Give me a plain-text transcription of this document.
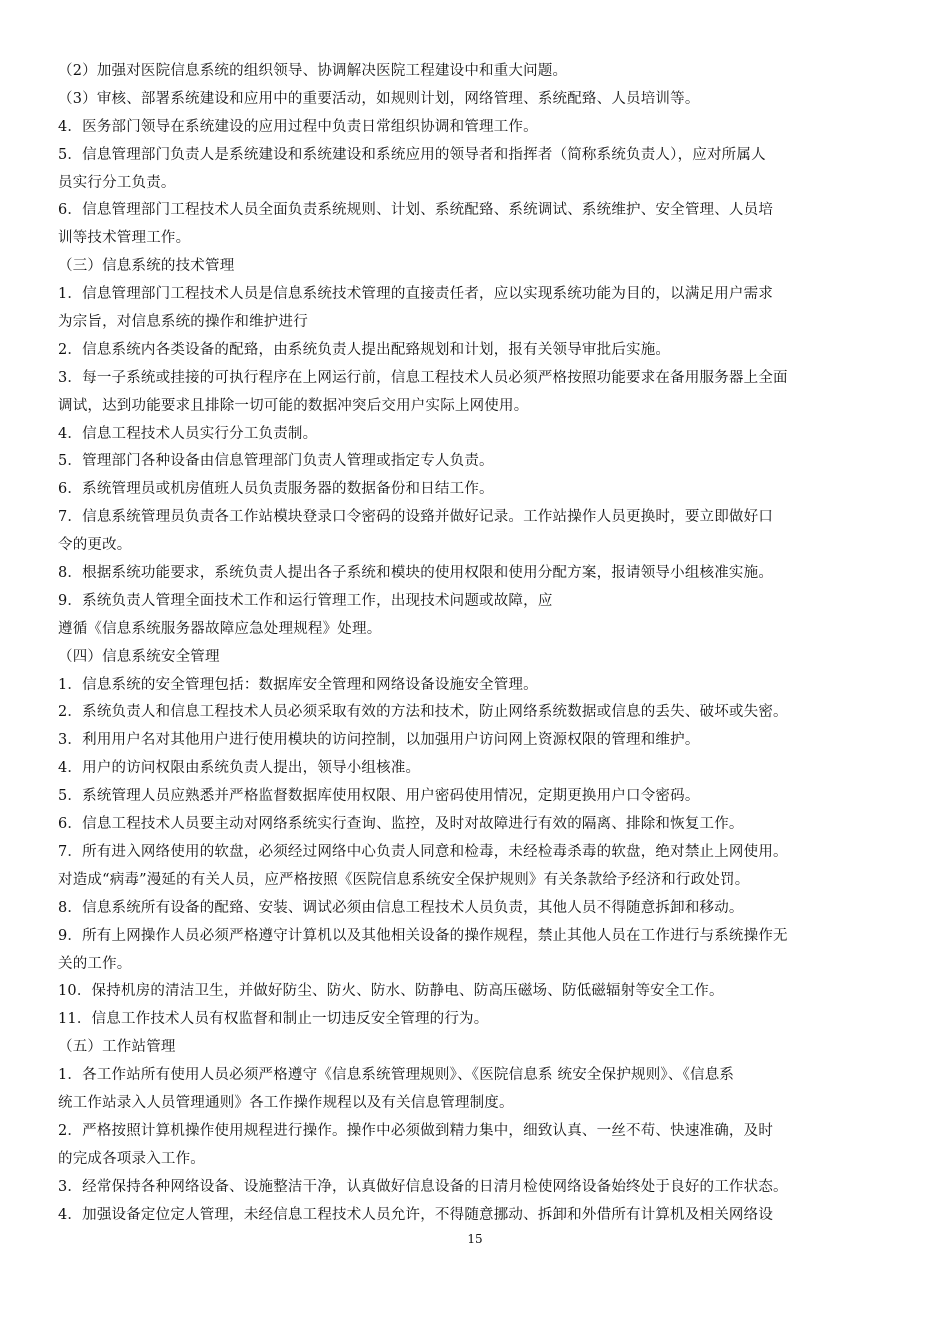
（2）加强对医院信息系统的组织领导、协调解决医院工程建设中和重大问题。
（3）审核、部署系统建设和应用中的重要活动，如规则计划，网络管理、系统配臵、人员培训等。
4．医务部门领导在系统建设的应用过程中负责日常组织协调和管理工作。
5．信息管理部门负责人是系统建设和系统建设和系统应用的领导者和指挥者（简称系统负责人），应对所属人
员实行分工负责。
6．信息管理部门工程技术人员全面负责系统规则、计划、系统配臵、系统调试、系统维护、安全管理、人员培
训等技术管理工作。
（三）信息系统的技术管理
1．信息管理部门工程技术人员是信息系统技术管理的直接责任者，应以实现系统功能为目的，以满足用户需求
为宗旨，对信息系统的操作和维护进行
2．信息系统内各类设备的配臵，由系统负责人提出配臵规划和计划，报有关领导审批后实施。
3．每一子系统或挂接的可执行程序在上网运行前，信息工程技术人员必须严格按照功能要求在备用服务器上全面
调试，达到功能要求且排除一切可能的数据冲突后交用户实际上网使用。
4．信息工程技术人员实行分工负责制。
5．管理部门各种设备由信息管理部门负责人管理或指定专人负责。
6．系统管理员或机房值班人员负责服务器的数据备份和日结工作。
7．信息系统管理员负责各工作站模块登录口令密码的设臵并做好记录。工作站操作人员更换时，要立即做好口
令的更改。
8．根据系统功能要求，系统负责人提出各子系统和模块的使用权限和使用分配方案，报请领导小组核准实施。
9．系统负责人管理全面技术工作和运行管理工作，出现技术问题或故障，应
遵循《信息系统服务器故障应急处理规程》处理。
（四）信息系统安全管理
1．信息系统的安全管理包括：数据库安全管理和网络设备设施安全管理。
2．系统负责人和信息工程技术人员必须采取有效的方法和技术，防止网络系统数据或信息的丢失、破坏或失密。
3．利用用户名对其他用户进行使用模块的访问控制，以加强用户访问网上资源权限的管理和维护。
4．用户的访问权限由系统负责人提出，领导小组核准。
5．系统管理人员应熟悉并严格监督数据库使用权限、用户密码使用情况，定期更换用户口令密码。
6．信息工程技术人员要主动对网络系统实行查询、监控，及时对故障进行有效的隔离、排除和恢复工作。
7．所有进入网络使用的软盘，必须经过网络中心负责人同意和检毒，未经检毒杀毒的软盘，绝对禁止上网使用。
对造成“病毒”漫延的有关人员，应严格按照《医院信息系统安全保护规则》有关条款给予经济和行政处罚。
8．信息系统所有设备的配臵、安装、调试必须由信息工程技术人员负责，其他人员不得随意拆卸和移动。
9．所有上网操作人员必须严格遵守计算机以及其他相关设备的操作规程，禁止其他人员在工作进行与系统操作无
关的工作。
10．保持机房的清洁卫生，并做好防尘、防火、防水、防静电、防高压磁场、防低磁辐射等安全工作。
11．信息工作技术人员有权监督和制止一切违反安全管理的行为。
（五）工作站管理
1．各工作站所有使用人员必须严格遵守《信息系统管理规则》、《医院信息系 统安全保护规则》、《信息系
统工作站录入人员管理通则》各工作操作规程以及有关信息管理制度。
2．严格按照计算机操作使用规程进行操作。操作中必须做到精力集中，细致认真、一丝不苟、快速准确，及时
的完成各项录入工作。
3．经常保持各种网络设备、设施整洁干净，认真做好信息设备的日清月检使网络设备始终处于良好的工作状态。
4．加强设备定位定人管理，未经信息工程技术人员允许，不得随意挪动、拆卸和外借所有计算机及相关网络设
15
